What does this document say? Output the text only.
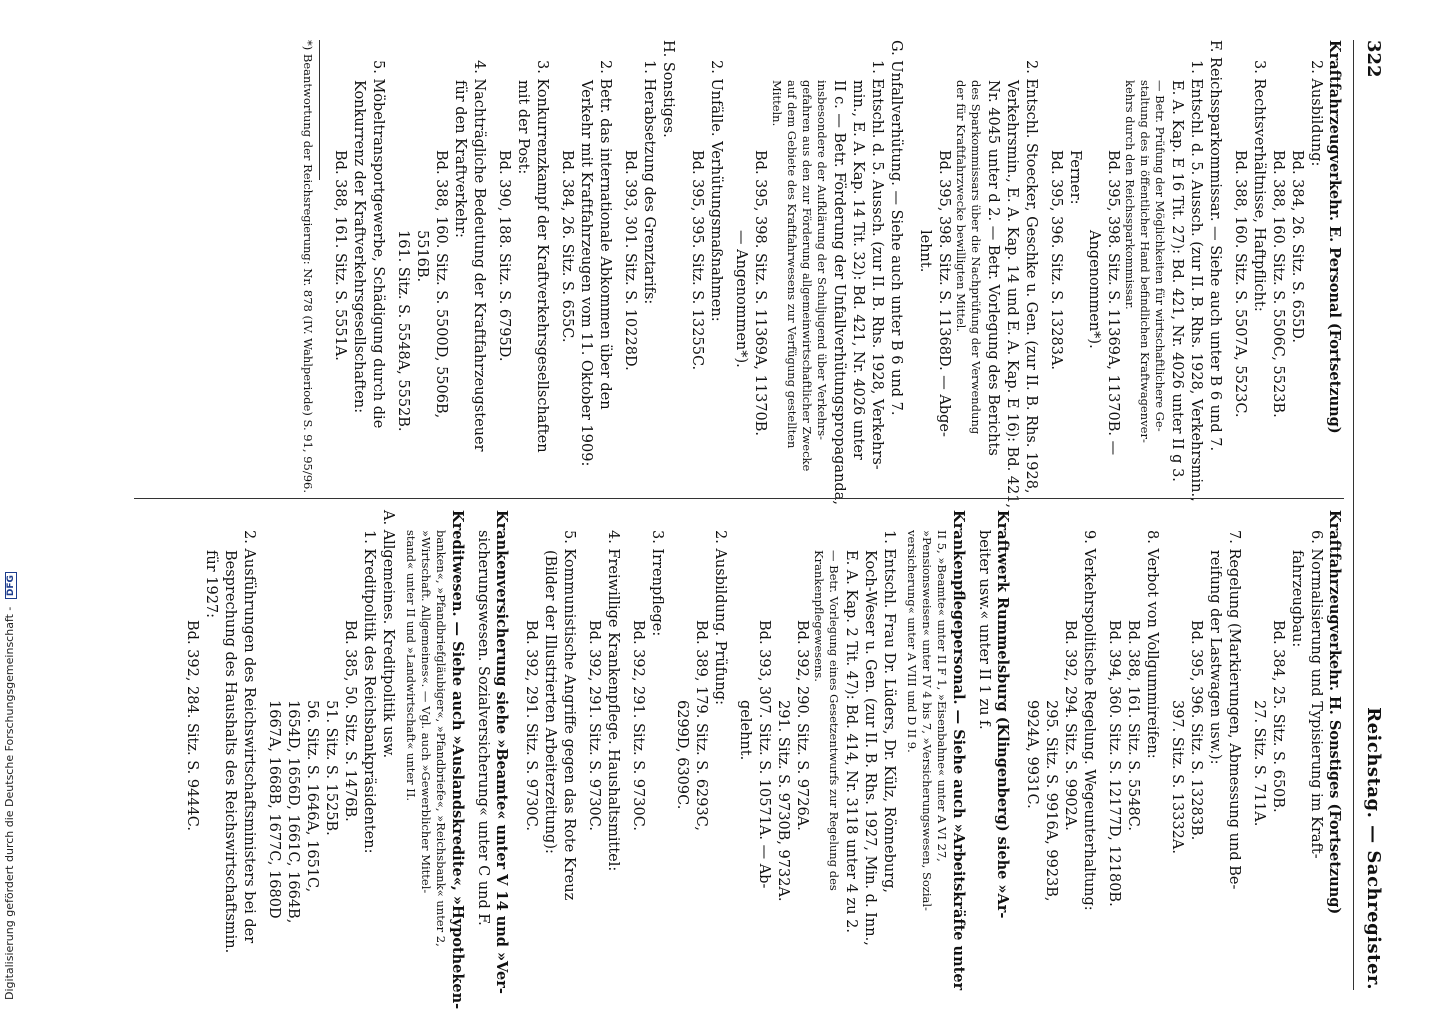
322
Reichstag. — Sachregister.
Kraftfahrzeugverkehr. E. Personal (Fortsetzung)
2. Ausbildung:
Bd. 384, 26. Sitz. S. 655D.
Bd. 388, 160. Sitz. S. 5506C, 5523B.
3. Rechtsverhältnisse, Haftpflicht:
Bd. 388, 160. Sitz. S. 5507A, 5523C.
F. Reichssparkommissar. — Siehe auch unter B 6 und 7.
1. Entschl. d. 5. Aussch. (zur II. B. Rhs. 1928, Verkehrsmin.,
E. A. Kap. E 16 Tit. 27): Bd. 421, Nr. 4026 unter II g 3.
— Betr. Prüfung der Möglichkeiten für wirtschaftlichere Ge-
staltung des in öffentlicher Hand befindlichen Kraftwagenver-
kehrs durch den Reichssparkommissar.
Bd. 395, 398. Sitz. S. 11369A, 11370B. —
Angenommen*).
Ferner:
Bd. 395, 396. Sitz. S. 13283A.
2. Entschl. Stoecker, Geschke u. Gen. (zur II. B. Rhs. 1928,
Verkehrsmin., E. A. Kap. 14 und E. A. Kap. E 16): Bd. 421,
Nr. 4045 unter d 2. — Betr. Vorlegung des Berichts
des Sparkommissars über die Nachprüfung der Verwendung
der für Kraftfahrzwecke bewilligten Mittel.
Bd. 395, 398. Sitz. S. 11368D. — Abge-
lehnt.
G. Unfallverhütung. — Siehe auch unter B 6 und 7.
1. Entschl. d. 5. Aussch. (zur II. B. Rhs. 1928, Verkehrs-
min., E. A. Kap. 14 Tit. 32): Bd. 421, Nr. 4026 unter
II c. — Betr. Förderung der Unfallverhütungspropaganda,
insbesondere der Aufklärung der Schuljugend über Verkehrs-
gefahren aus den zur Förderung allgemeinwirtschaftlicher Zwecke
auf dem Gebiete des Kraftfahrwesens zur Verfügung gestellten
Mitteln.
Bd. 395, 398. Sitz. S. 11369A, 11370B.
— Angenommen*).
2. Unfälle. Verhütungsmaßnahmen:
Bd. 395, 395. Sitz. S. 13255C.
H. Sonstiges.
1. Herabsetzung des Grenztarifs:
Bd. 393, 301. Sitz. S. 10228D.
2. Betr. das internationale Abkommen über den
Verkehr mit Kraftfahrzeugen vom 11. Oktober 1909:
Bd. 384, 26. Sitz. S. 655C.
3. Konkurrenzkampf der Kraftverkehrsgesellschaften
mit der Post:
Bd. 390, 188. Sitz. S. 6795D.
4. Nachträgliche Bedeutung der Kraftfahrzeugsteuer
für den Kraftverkehr:
Bd. 388, 160. Sitz. S. 5500D, 5506B,
5516B.
161. Sitz. S. 5548A, 5552B.
5. Möbeltransportgewerbe, Schädigung durch die
Konkurrenz der Kraftverkehrsgesellschaften:
Bd. 388, 161. Sitz. S. 5551A.
*) Beantwortung der Reichsregierung: Nr. 878 (IV. Wahlperiode) S. 91, 95/96.
Kraftfahrzeugverkehr. H. Sonstiges (Fortsetzung)
6. Normalisierung und Typisierung im Kraft-
fahrzeugbau:
Bd. 384, 25. Sitz. S. 650B.
27. Sitz. S. 711A.
7. Regelung (Markierungen, Abmessung und Be-
reifung der Lastwagen usw.):
Bd. 395, 396. Sitz. S. 13283B.
397. Sitz. S. 13332A.
8. Verbot von Vollgummireifen:
Bd. 388, 161. Sitz. S. 5548C.
Bd. 394, 360. Sitz. S. 12177D, 12180B.
9. Verkehrspolitische Regelung. Wegeunterhaltung:
Bd. 392, 294. Sitz. S. 9902A.
295. Sitz. S. 9916A, 9923B,
9924A, 9931C.
Kraftwerk Rummelsburg (Klingenberg) siehe »Ar-
beiter usw.« unter II 1 zu f.
Krankenpflegepersonal. — Siehe auch »Arbeitskräfte unter
II 5, »Beamte« unter II F 1, »Eisenbahne« unter A VI 27,
»Pensionsweisen« unter IV 4 bis 7, »Versicherungswesen, Sozial-
versicherung« unter A VIII und D II 9.
1. Entschl. Frau Dr. Lüders, Dr. Külz, Rönneburg,
Koch-Weser u. Gen. (zur II. B. Rhs. 1927, Min. d. Inn.,
E. A. Kap. 2 Tit. 47): Bd. 414, Nr. 3118 unter 4 zu 2.
— Betr. Vorlegung eines Gesetzentwurfs zur Regelung des
Krankenpflegewesens.
Bd. 392, 290. Sitz. S. 9726A.
291. Sitz. S. 9730B, 9732A.
Bd. 393, 307. Sitz. S. 10571A. — Ab-
gelehnt.
2. Ausbildung. Prüfung:
Bd. 389, 179. Sitz. S. 6293C,
6299D, 6309C.
3. Irrenpflege:
Bd. 392, 291. Sitz. S. 9730C.
4. Freiwillige Krankenpflege. Haushaltsmittel:
Bd. 392, 291. Sitz. S. 9730C.
5. Kommunistische Angriffe gegen das Rote Kreuz
(Bilder der Illustrierten Arbeiterzeitung):
Bd. 392, 291. Sitz. S. 9730C.
Krankenversicherung siehe »Beamte« unter V 14 und »Ver-
sicherungswesen. Sozialversicherung« unter C und F.
Kreditwesen. — Siehe auch »Auslandskredite«, »Hypotheken-
banken«, »Pfandbriefgläubiger«, »Pfandbriefe«, »Reichsbank« unter 2,
»Wirtschaft. Allgemeines«. — Vgl. auch »Gewerblicher Mittel-
stand« unter II und »Landwirtschaft« unter II.
A. Allgemeines. Kreditpolitik usw.
1. Kreditpolitik des Reichsbankpräsidenten:
Bd. 385, 50. Sitz. S. 1476B.
51. Sitz. S. 1525B.
56. Sitz. S. 1646A, 1651C,
1654D, 1656D, 1661C, 1664B,
1667A, 1668B, 1677C, 1680D
2. Ausführungen des Reichswirtschaftsministers bei der
Besprechung des Haushalts des Reichswirtschaftsmin.
für 1927:
Bd. 392, 284. Sitz. S. 9444C.
Digitalisierung gefördert durch die Deutsche Forschungsgemeinschaft - DFG
